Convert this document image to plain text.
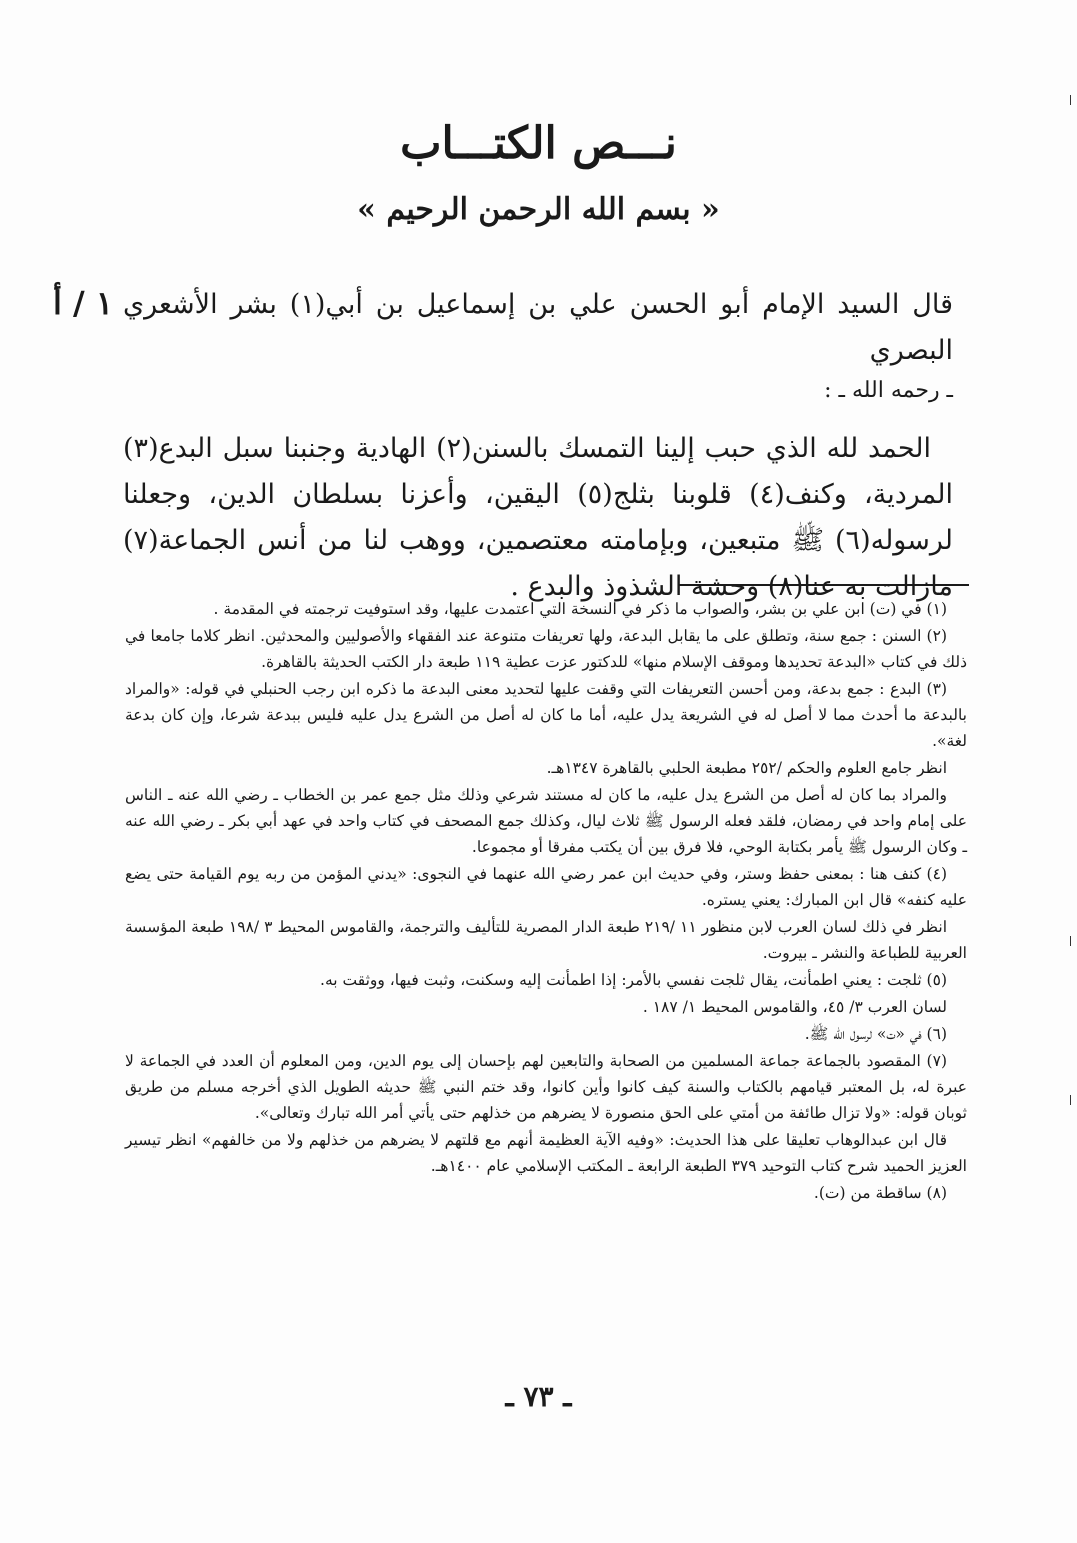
نـــص الكتـــاب
« بسم الله الرحمن الرحيم »
١ / أ قال السيد الإمام أبو الحسن علي بن إسماعيل بن أبي(١) بشر الأشعري البصري
ـ رحمه الله ـ :

الحمد لله الذي حبب إلينا التمسك بالسنن(٢) الهادية وجنبنا سبل البدع(٣) المردية، وكنف(٤) قلوبنا بثلج(٥) اليقين، وأعزنا بسلطان الدين، وجعلنا لرسوله(٦) ﷺ متبعين، وبإمامته معتصمين، ووهب لنا من أنس الجماعة(٧) مازالت به عنا(٨) وحشة الشذوذ والبدع .

(١) في (ت) ابن علي بن بشر، والصواب ما ذكر في النسخة التي اعتمدت عليها، وقد استوفيت ترجمته في المقدمة .

(٢) السنن : جمع سنة، وتطلق على ما يقابل البدعة، ولها تعريفات متنوعة عند الفقهاء والأصوليين والمحدثين. انظر كلاما جامعا في ذلك في كتاب «البدعة تحديدها وموقف الإسلام منها» للدكتور عزت عطية ١١٩ طبعة دار الكتب الحديثة بالقاهرة.

(٣) البدع : جمع بدعة، ومن أحسن التعريفات التي وقفت عليها لتحديد معنى البدعة ما ذكره ابن رجب الحنبلي في قوله: «والمراد بالبدعة ما أحدث مما لا أصل له في الشريعة يدل عليه، أما ما كان له أصل من الشرع يدل عليه فليس ببدعة شرعا، وإن كان بدعة لغة».

انظر جامع العلوم والحكم /٢٥٢ مطبعة الحلبي بالقاهرة ١٣٤٧هـ.

والمراد بما كان له أصل من الشرع يدل عليه، ما كان له مستند شرعي وذلك مثل جمع عمر بن الخطاب ـ رضي الله عنه ـ الناس على إمام واحد في رمضان، فلقد فعله الرسول ﷺ ثلاث ليال، وكذلك جمع المصحف في كتاب واحد في عهد أبي بكر ـ رضي الله عنه ـ وكان الرسول ﷺ يأمر بكتابة الوحي، فلا فرق بين أن يكتب مفرقا أو مجموعا.

(٤) كنف هنا : بمعنى حفظ وستر، وفي حديث ابن عمر رضي الله عنهما في النجوى: «يدني المؤمن من ربه يوم القيامة حتى يضع عليه كنفه» قال ابن المبارك: يعني يستره.

انظر في ذلك لسان العرب لابن منظور ١١ /٢١٩ طبعة الدار المصرية للتأليف والترجمة، والقاموس المحيط ٣ /١٩٨ طبعة المؤسسة العربية للطباعة والنشر ـ بيروت.

(٥) ثلجت : يعني اطمأنت، يقال ثلجت نفسي بالأمر: إذا اطمأنت إليه وسكنت، وثبت فيها، ووثقت به.

لسان العرب ٣/ ٤٥، والقاموس المحيط ١/ ١٨٧ .

(٦) في «ت» لرسول الله ﷺ.

(٧) المقصود بالجماعة جماعة المسلمين من الصحابة والتابعين لهم بإحسان إلى يوم الدين، ومن المعلوم أن العدد في الجماعة لا عبرة له، بل المعتبر قيامهم بالكتاب والسنة كيف كانوا وأين كانوا، وقد ختم النبي ﷺ حديثه الطويل الذي أخرجه مسلم من طريق ثوبان قوله: «ولا تزال طائفة من أمتي على الحق منصورة لا يضرهم من خذلهم حتى يأتي أمر الله تبارك وتعالى».

قال ابن عبدالوهاب تعليقا على هذا الحديث: «وفيه الآية العظيمة أنهم مع قلتهم لا يضرهم من خذلهم ولا من خالفهم» انظر تيسير العزيز الحميد شرح كتاب التوحيد ٣٧٩ الطبعة الرابعة ـ المكتب الإسلامي عام ١٤٠٠هـ.

(٨) ساقطة من (ت).

ـ ٧٣ ـ
